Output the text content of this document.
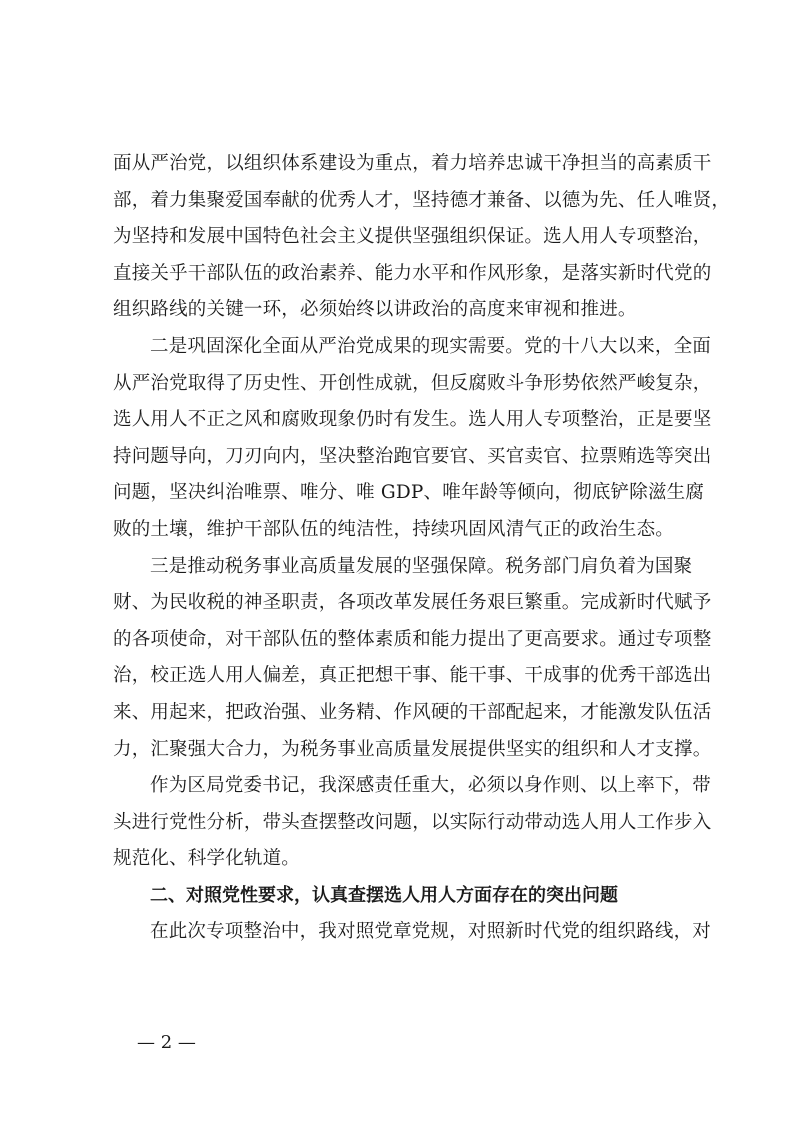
面从严治党，以组织体系建设为重点，着力培养忠诚干净担当的高素质干
部，着力集聚爱国奉献的优秀人才，坚持德才兼备、以德为先、任人唯贤，
为坚持和发展中国特色社会主义提供坚强组织保证。选人用人专项整治，
直接关乎干部队伍的政治素养、能力水平和作风形象，是落实新时代党的
组织路线的关键一环，必须始终以讲政治的高度来审视和推进。
二是巩固深化全面从严治党成果的现实需要。党的十八大以来，全面
从严治党取得了历史性、开创性成就，但反腐败斗争形势依然严峻复杂，
选人用人不正之风和腐败现象仍时有发生。选人用人专项整治，正是要坚
持问题导向，刀刃向内，坚决整治跑官要官、买官卖官、拉票贿选等突出
问题，坚决纠治唯票、唯分、唯 GDP、唯年龄等倾向，彻底铲除滋生腐
败的土壤，维护干部队伍的纯洁性，持续巩固风清气正的政治生态。
三是推动税务事业高质量发展的坚强保障。税务部门肩负着为国聚
财、为民收税的神圣职责，各项改革发展任务艰巨繁重。完成新时代赋予
的各项使命，对干部队伍的整体素质和能力提出了更高要求。通过专项整
治，校正选人用人偏差，真正把想干事、能干事、干成事的优秀干部选出
来、用起来，把政治强、业务精、作风硬的干部配起来，才能激发队伍活
力，汇聚强大合力，为税务事业高质量发展提供坚实的组织和人才支撑。
作为区局党委书记，我深感责任重大，必须以身作则、以上率下，带
头进行党性分析，带头查摆整改问题，以实际行动带动选人用人工作步入
规范化、科学化轨道。
二、对照党性要求，认真查摆选人用人方面存在的突出问题
在此次专项整治中，我对照党章党规，对照新时代党的组织路线，对
— 2 —
